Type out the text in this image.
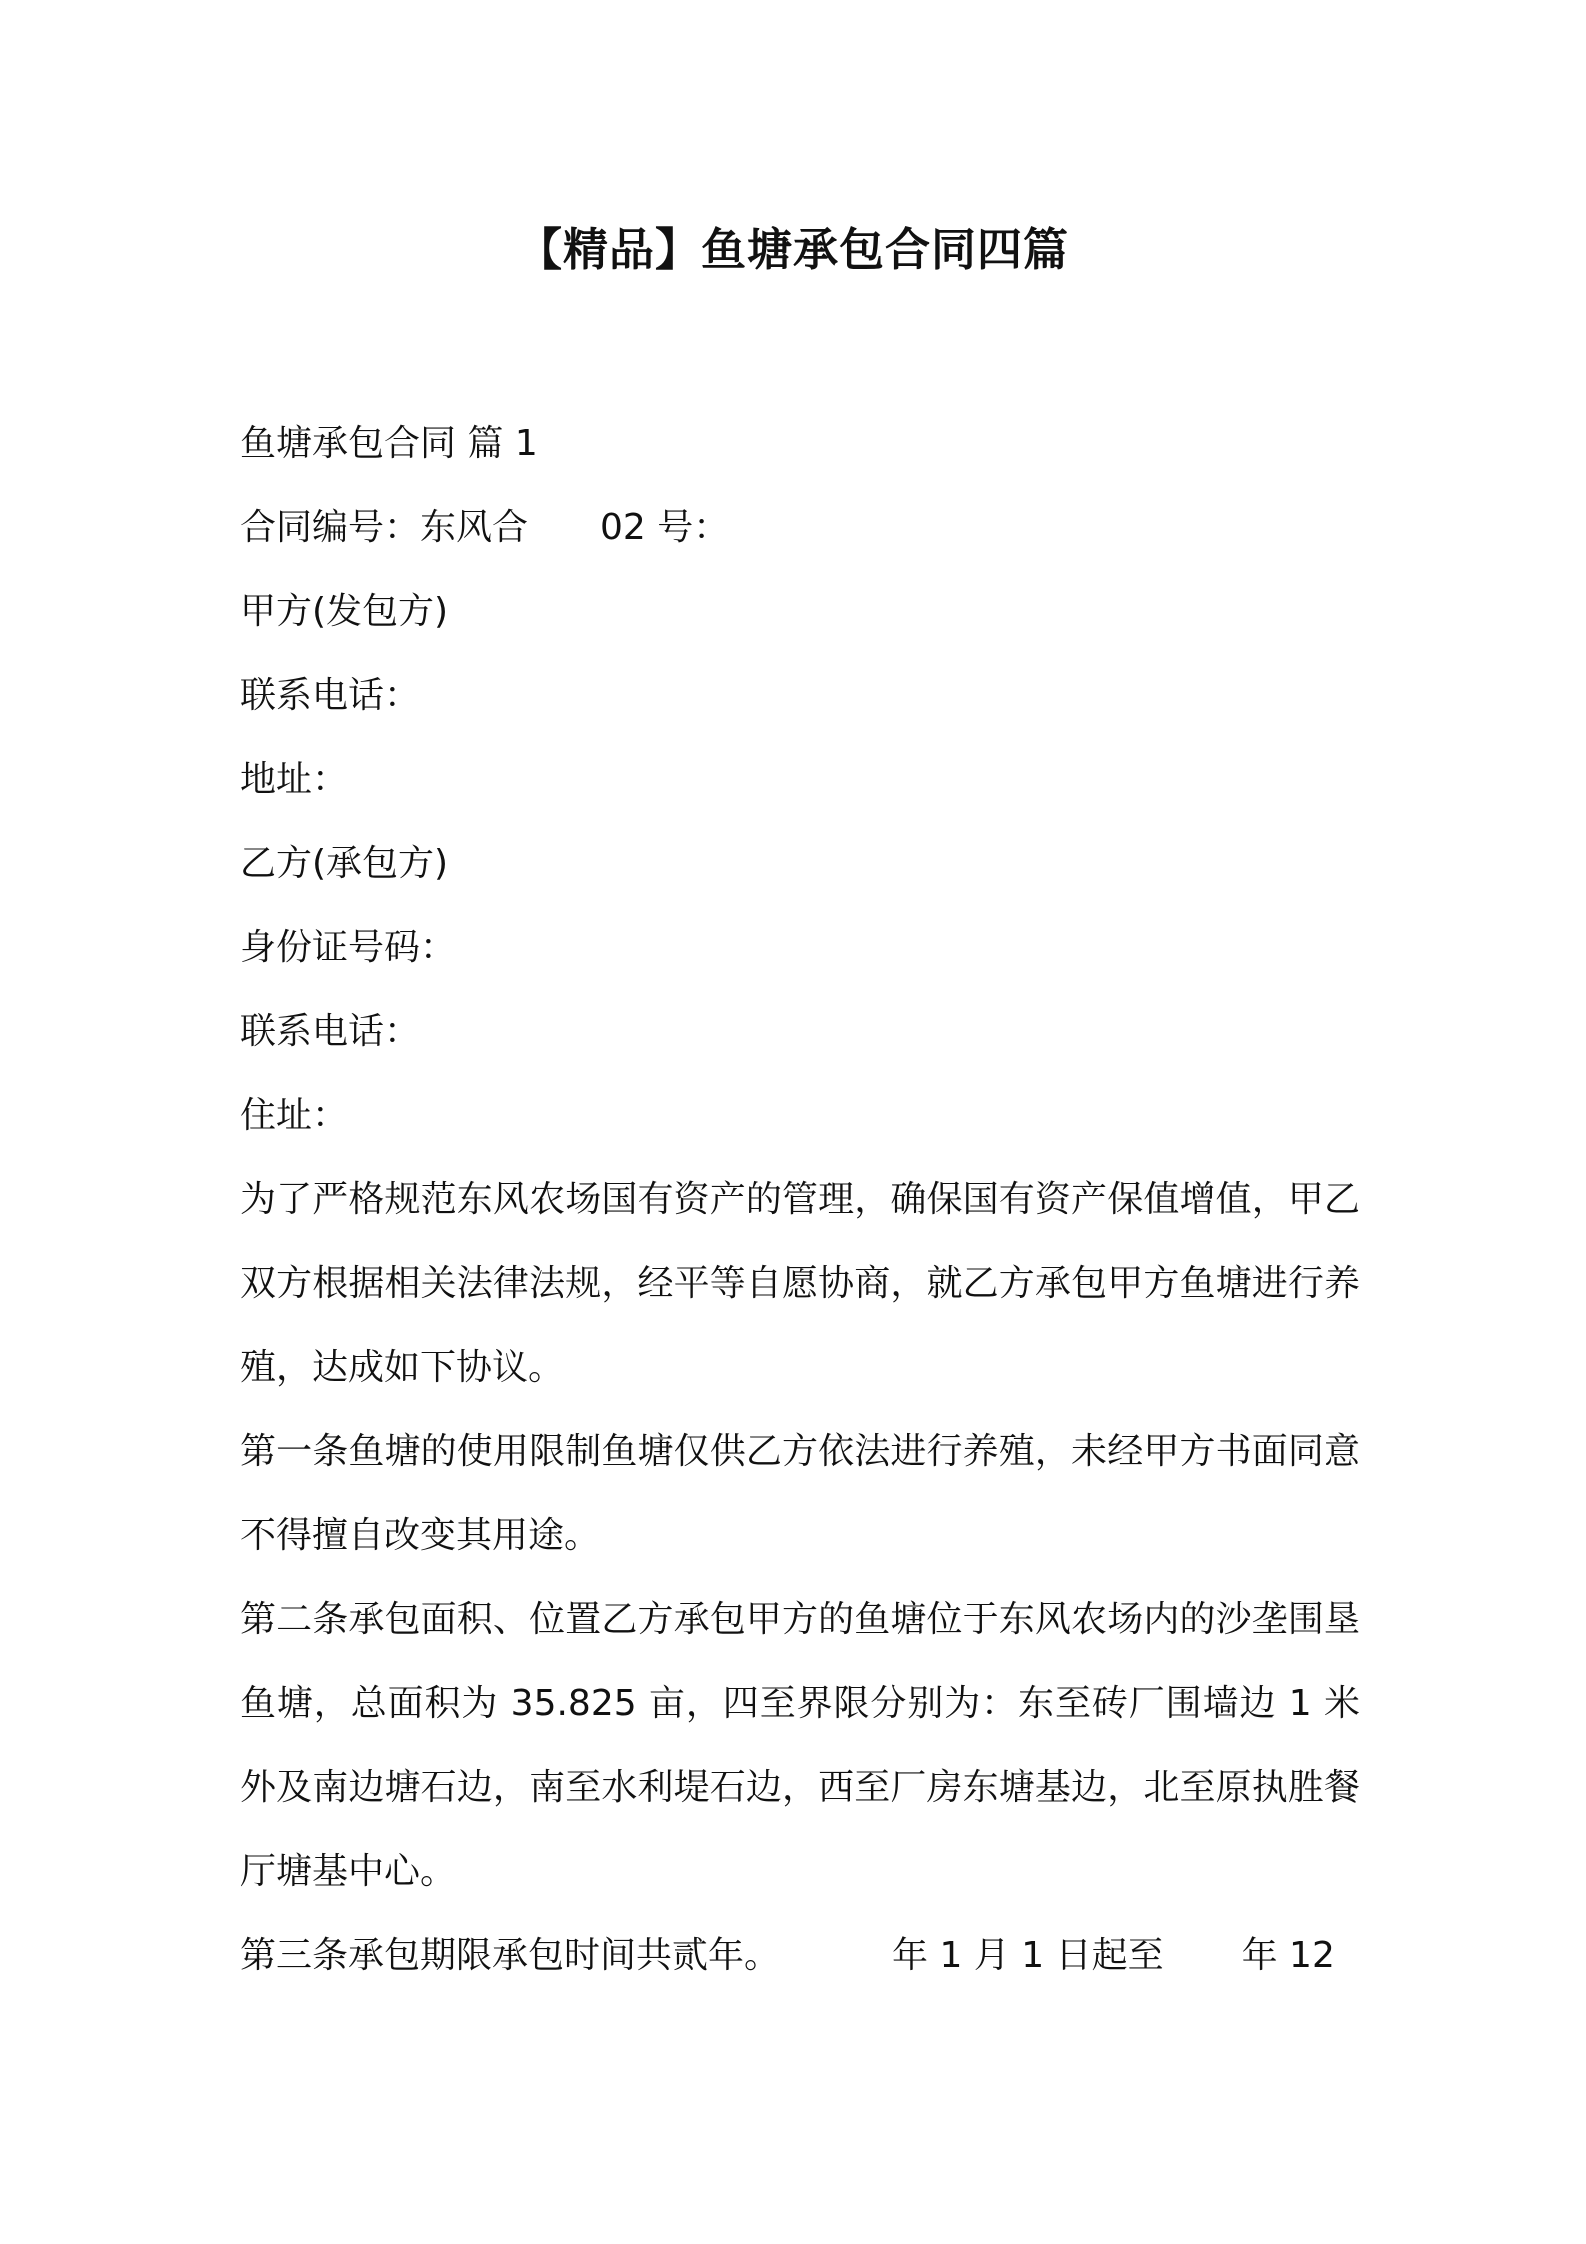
【精品】鱼塘承包合同四篇

鱼塘承包合同 篇 1

合同编号：东风合 02 号：

甲方(发包方)

联系电话：

地址：

乙方(承包方)

身份证号码：

联系电话：

住址：

为了严格规范东风农场国有资产的管理，确保国有资产保值增值，甲乙双方根据相关法律法规，经平等自愿协商，就乙方承包甲方鱼塘进行养殖，达成如下协议。

第一条鱼塘的使用限制鱼塘仅供乙方依法进行养殖，未经甲方书面同意不得擅自改变其用途。

第二条承包面积、位置乙方承包甲方的鱼塘位于东风农场内的沙垄围垦鱼塘，总面积为 35.825 亩，四至界限分别为：东至砖厂围墙边 1 米外及南边塘石边，南至水利堤石边，西至厂房东塘基边，北至原执胜餐厅塘基中心。

第三条承包期限承包时间共贰年。	年 1 月 1 日起至 年 12
